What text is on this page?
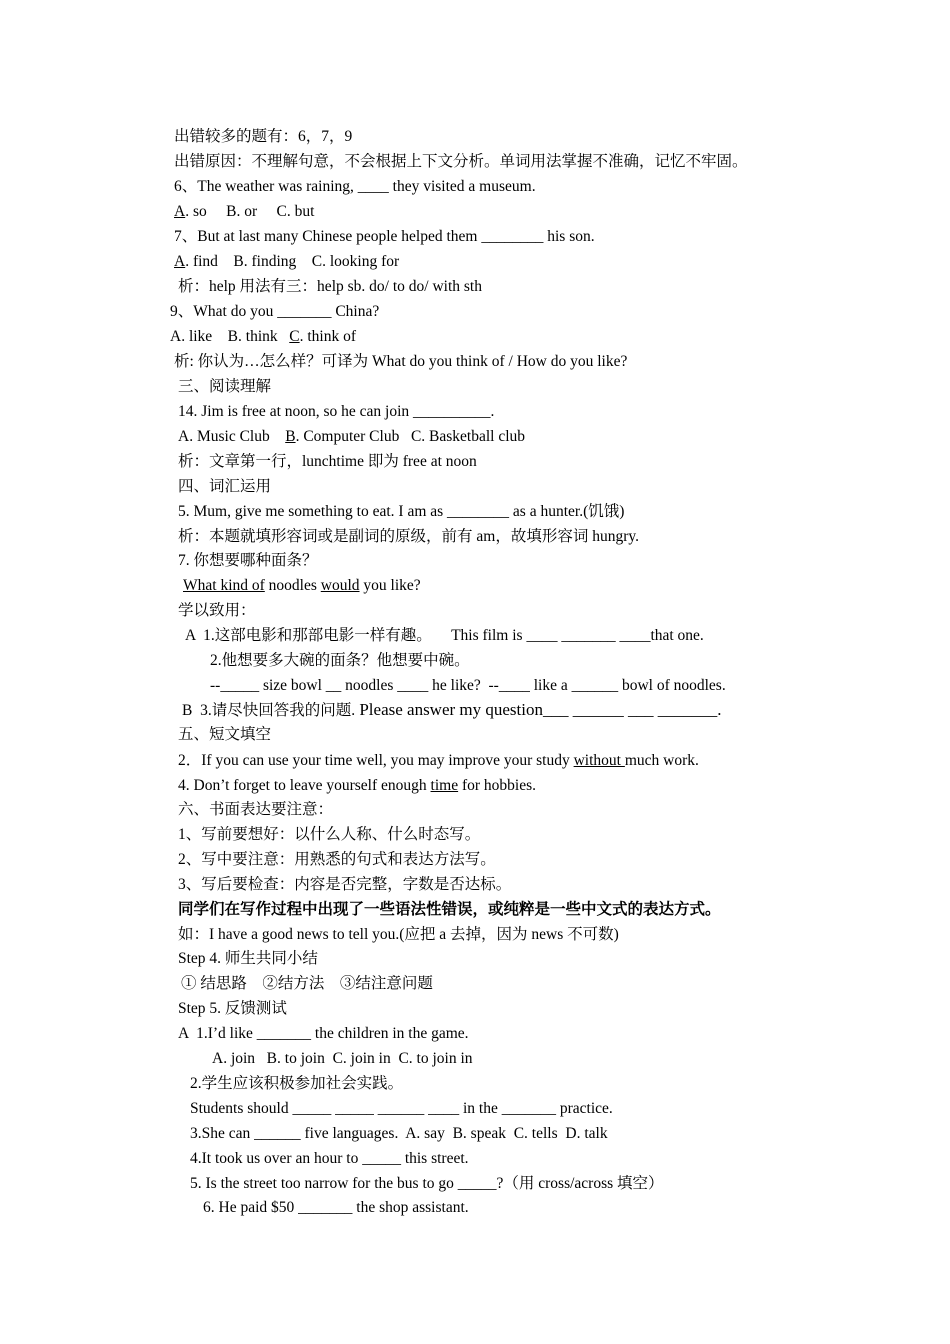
出错较多的题有：6，7，9
出错原因：不理解句意，不会根据上下文分析。单词用法掌握不准确，记忆不牢固。
6、The weather was raining, ____ they visited a museum.
A. so     B. or     C. but
7、But at last many Chinese people helped them ________ his son.
A. find    B. finding    C. looking for
析：help 用法有三：help sb. do/ to do/ with sth
9、What do you _______ China?
A. like    B. think   C. think of
析: 你认为…怎么样？可译为 What do you think of / How do you like?
三、阅读理解
14. Jim is free at noon, so he can join __________.
A. Music Club    B. Computer Club   C. Basketball club
析：文章第一行，lunchtime 即为 free at noon
四、词汇运用
5. Mum, give me something to eat. I am as ________ as a hunter.(饥饿)
析：本题就填形容词或是副词的原级，前有 am，故填形容词 hungry.
7. 你想要哪种面条？
What kind of noodles would you like?
学以致用：
A  1.这部电影和那部电影一样有趣。     This film is ____ _______ ____that one.
2.他想要多大碗的面条？他想要中碗。
--_____ size bowl __ noodles ____ he like?  --____ like a ______ bowl of noodles.
B  3.请尽快回答我的问题. Please answer my question___ ______ ___ _______.
五、短文填空
2．If you can use your time well, you may improve your study without much work.
4. Don’t forget to leave yourself enough time for hobbies.
六、书面表达要注意：
1、写前要想好：以什么人称、什么时态写。
2、写中要注意：用熟悉的句式和表达方法写。
3、写后要检查：内容是否完整，字数是否达标。
同学们在写作过程中出现了一些语法性错误，或纯粹是一些中文式的表达方式。
如：I have a good news to tell you.(应把 a 去掉，因为 news 不可数)
Step 4. 师生共同小结
① 结思路    ②结方法    ③结注意问题
Step 5. 反馈测试
A  1.I’d like _______ the children in the game.
A. join   B. to join  C. join in  C. to join in
2.学生应该积极参加社会实践。
Students should _____ _____ ______ ____ in the _______ practice.
3.She can ______ five languages.  A. say  B. speak  C. tells  D. talk
4.It took us over an hour to _____ this street.
5. Is the street too narrow for the bus to go _____?（用 cross/across 填空）
6. He paid $50 _______ the shop assistant.
